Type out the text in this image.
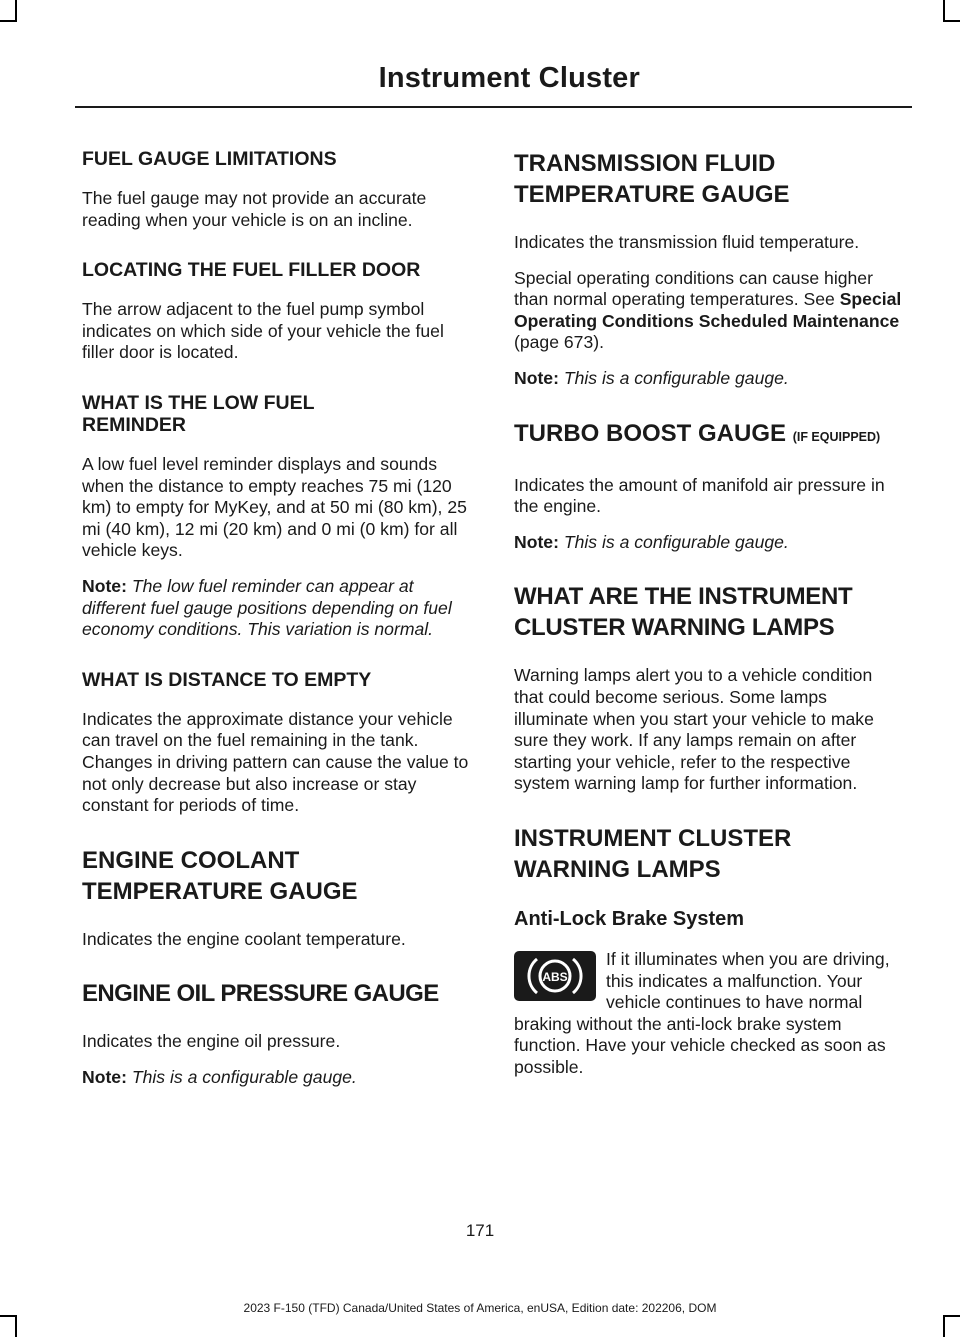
Instrument Cluster
FUEL GAUGE LIMITATIONS

The fuel gauge may not provide an accurate reading when your vehicle is on an incline.

LOCATING THE FUEL FILLER DOOR

The arrow adjacent to the fuel pump symbol indicates on which side of your vehicle the fuel filler door is located.

WHAT IS THE LOW FUEL REMINDER

A low fuel level reminder displays and sounds when the distance to empty reaches 75 mi (120 km) to empty for MyKey, and at 50 mi (80 km), 25 mi (40 km), 12 mi (20 km) and 0 mi (0 km) for all vehicle keys.

Note: The low fuel reminder can appear at different fuel gauge positions depending on fuel economy conditions. This variation is normal.

WHAT IS DISTANCE TO EMPTY

Indicates the approximate distance your vehicle can travel on the fuel remaining in the tank. Changes in driving pattern can cause the value to not only decrease but also increase or stay constant for periods of time.

ENGINE COOLANT TEMPERATURE GAUGE

Indicates the engine coolant temperature.

ENGINE OIL PRESSURE GAUGE

Indicates the engine oil pressure.

Note: This is a configurable gauge.

TRANSMISSION FLUID TEMPERATURE GAUGE

Indicates the transmission fluid temperature.

Special operating conditions can cause higher than normal operating temperatures. See Special Operating Conditions Scheduled Maintenance (page 673).

Note: This is a configurable gauge.

TURBO BOOST GAUGE (IF EQUIPPED)

Indicates the amount of manifold air pressure in the engine.

Note: This is a configurable gauge.

WHAT ARE THE INSTRUMENT CLUSTER WARNING LAMPS

Warning lamps alert you to a vehicle condition that could become serious. Some lamps illuminate when you start your vehicle to make sure they work. If any lamps remain on after starting your vehicle, refer to the respective system warning lamp for further information.

INSTRUMENT CLUSTER WARNING LAMPS
Anti-Lock Brake System
ABS

If it illuminates when you are driving, this indicates a malfunction. Your vehicle continues to have normal braking without the anti-lock brake system function. Have your vehicle checked as soon as possible.

171
2023 F-150 (TFD) Canada/United States of America, enUSA, Edition date: 202206, DOM
